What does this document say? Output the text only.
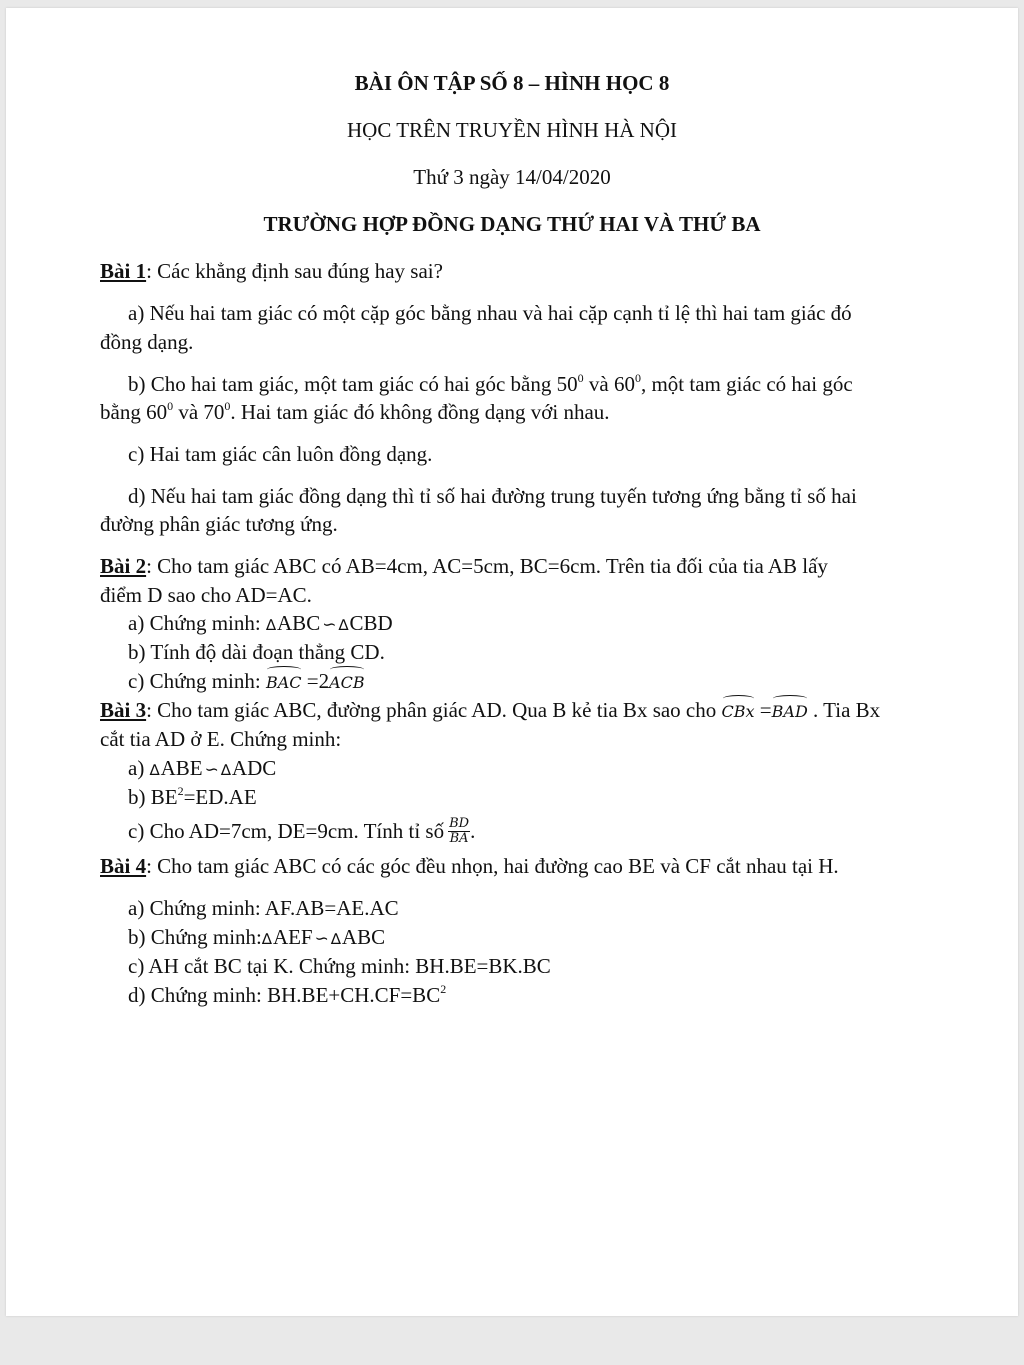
BÀI ÔN TẬP SỐ 8 – HÌNH HỌC 8
HỌC TRÊN TRUYỀN HÌNH HÀ NỘI
Thứ 3 ngày 14/04/2020
TRƯỜNG HỢP ĐỒNG DẠNG THỨ HAI VÀ THỨ BA
Bài 1: Các khẳng định sau đúng hay sai?
a) Nếu hai tam giác có một cặp góc bằng nhau và hai cặp cạnh tỉ lệ thì hai tam giác đó
đồng dạng.
b) Cho hai tam giác, một tam giác có hai góc bằng $50^0$ và $60^0$, một tam giác có hai góc
bằng $60^0$ và $70^0$. Hai tam giác đó không đồng dạng với nhau.
c) Hai tam giác cân luôn đồng dạng.
d) Nếu hai tam giác đồng dạng thì tỉ số hai đường trung tuyến tương ứng bằng tỉ số hai
đường phân giác tương ứng.
Bài 2: Cho tam giác ABC có AB=4cm, AC=5cm, BC=6cm. Trên tia đối của tia AB lấy
điểm D sao cho AD=AC.
a) Chứng minh: ∆ABC ∽ ∆CBD
b) Tính độ dài đoạn thẳng CD.
c) Chứng minh: BAC =2ACB
Bài 3: Cho tam giác ABC, đường phân giác AD. Qua B kẻ tia Bx sao cho CBx =BAD . Tia Bx
cắt tia AD ở E. Chứng minh:
a) ∆ABE ∽ ∆ADC
b) $BE^2=ED.AE$
c) Cho AD=7cm, DE=9cm. Tính tỉ số $\frac{BD}{BA}$ .
Bài 4: Cho tam giác ABC có các góc đều nhọn, hai đường cao BE và CF cắt nhau tại H.
a) Chứng minh: AF.AB=AE.AC
b) Chứng minh:∆AEF ∽ ∆ABC
c) AH cắt BC tại K. Chứng minh: BH.BE=BK.BC
d) Chứng minh: $BH.BE+CH.CF=BC^2$
